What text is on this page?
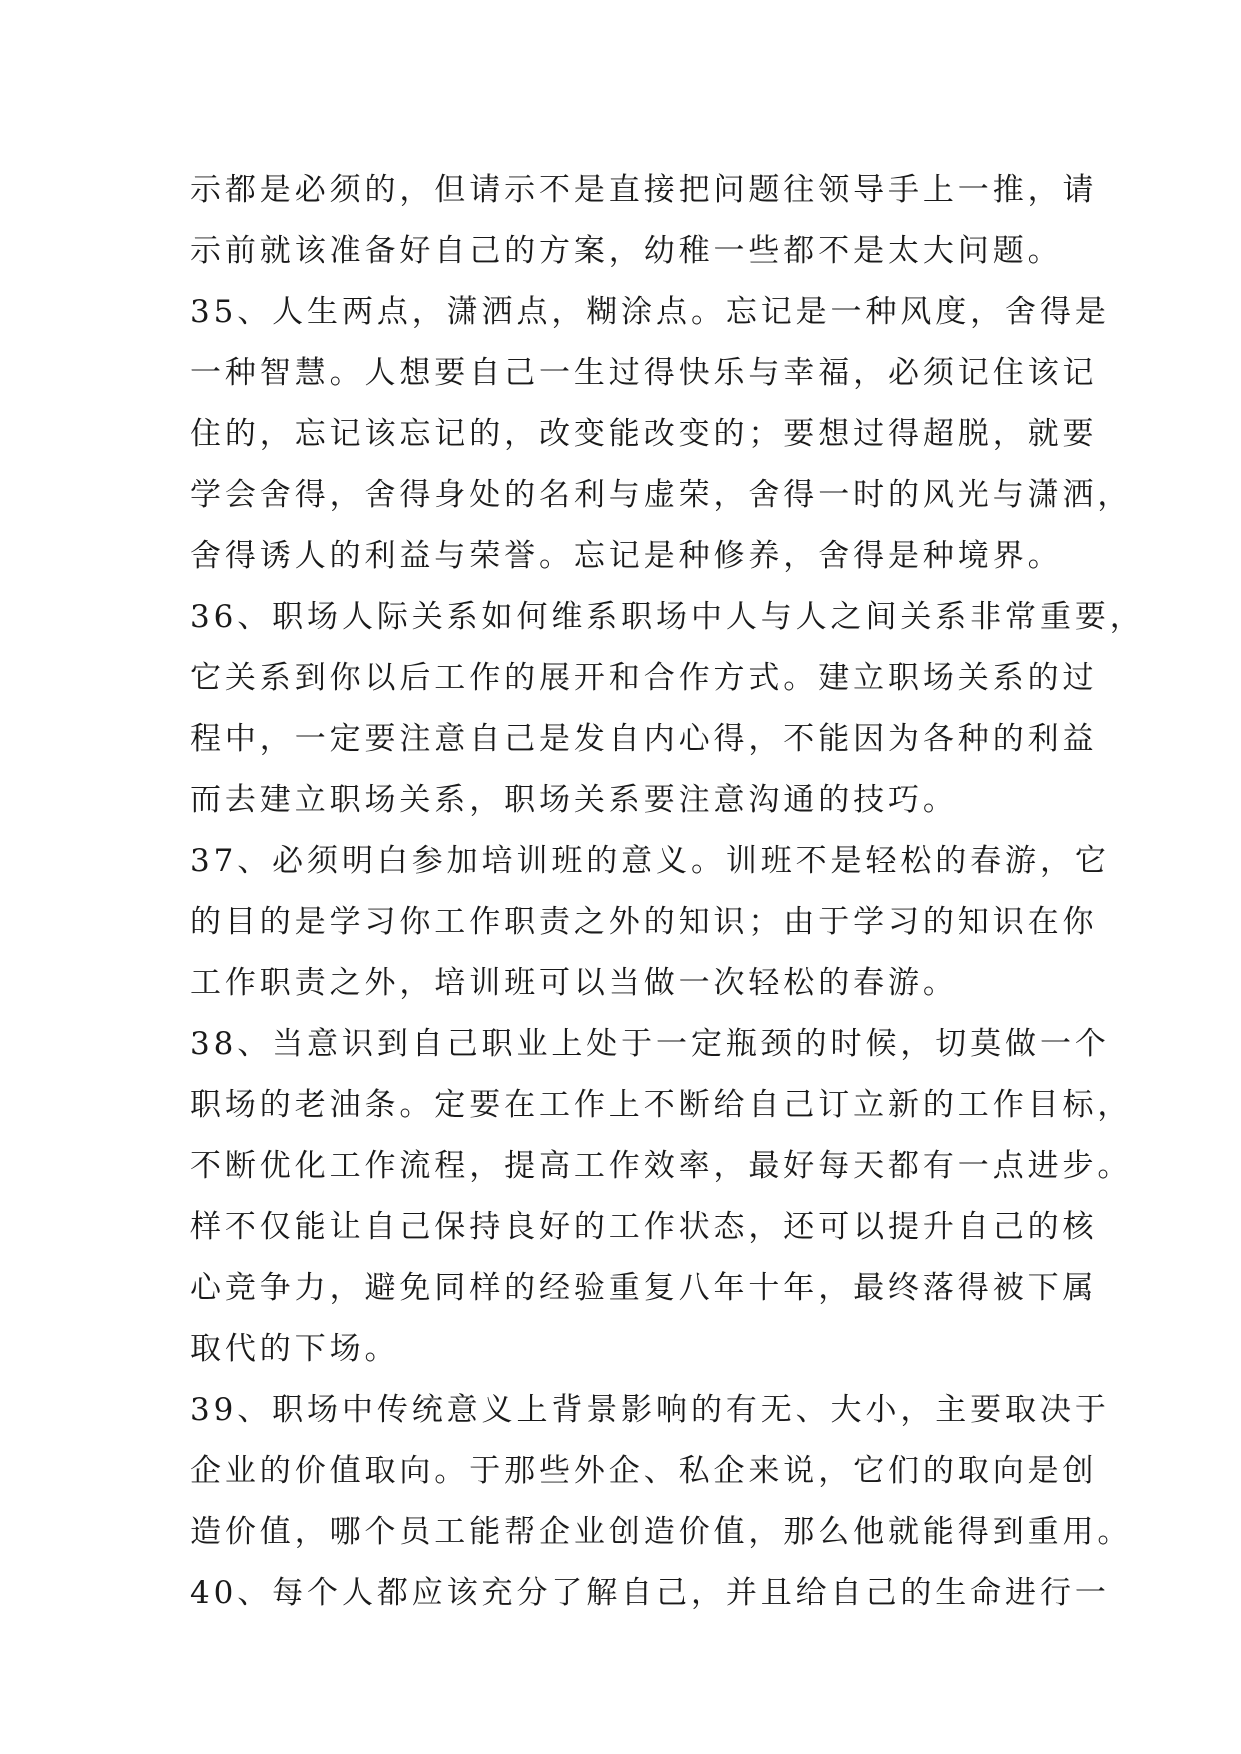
示都是必须的，但请示不是直接把问题往领导手上一推，请
示前就该准备好自己的方案，幼稚一些都不是太大问题。
35、人生两点，潇洒点，糊涂点。忘记是一种风度，舍得是
一种智慧。人想要自己一生过得快乐与幸福，必须记住该记
住的，忘记该忘记的，改变能改变的；要想过得超脱，就要
学会舍得，舍得身处的名利与虚荣，舍得一时的风光与潇洒，
舍得诱人的利益与荣誉。忘记是种修养，舍得是种境界。
36、职场人际关系如何维系职场中人与人之间关系非常重要，
它关系到你以后工作的展开和合作方式。建立职场关系的过
程中，一定要注意自己是发自内心得，不能因为各种的利益
而去建立职场关系，职场关系要注意沟通的技巧。
37、必须明白参加培训班的意义。训班不是轻松的春游，它
的目的是学习你工作职责之外的知识；由于学习的知识在你
工作职责之外，培训班可以当做一次轻松的春游。
38、当意识到自己职业上处于一定瓶颈的时候，切莫做一个
职场的老油条。定要在工作上不断给自己订立新的工作目标，
不断优化工作流程，提高工作效率，最好每天都有一点进步。
样不仅能让自己保持良好的工作状态，还可以提升自己的核
心竞争力，避免同样的经验重复八年十年，最终落得被下属
取代的下场。
39、职场中传统意义上背景影响的有无、大小，主要取决于
企业的价值取向。于那些外企、私企来说，它们的取向是创
造价值，哪个员工能帮企业创造价值，那么他就能得到重用。
40、每个人都应该充分了解自己，并且给自己的生命进行一
